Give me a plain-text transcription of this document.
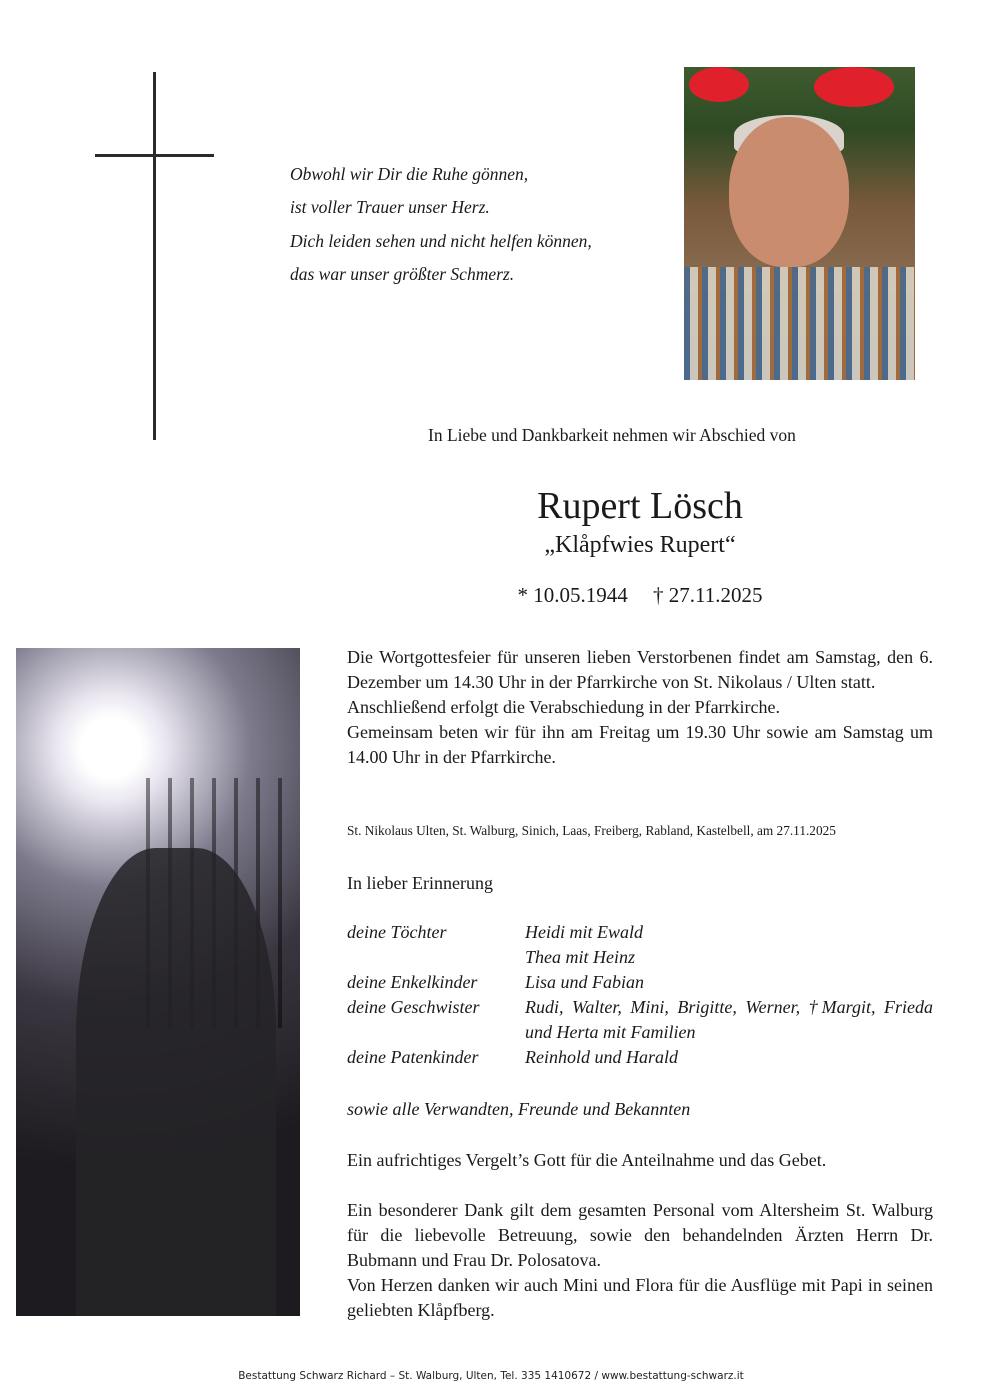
Obwohl wir Dir die Ruhe gönnen,
ist voller Trauer unser Herz.
Dich leiden sehen und nicht helfen können,
das war unser größter Schmerz.
In Liebe und Dankbarkeit nehmen wir Abschied von
Rupert Lösch
„Klåpfwies Rupert“
* 10.05.1944 † 27.11.2025
Die Wortgottesfeier für unseren lieben Verstorbenen findet am Samstag, den 6. Dezember um 14.30 Uhr in der Pfarrkirche von St. Nikolaus / Ulten statt.
Anschließend erfolgt die Verabschiedung in der Pfarrkirche.
Gemeinsam beten wir für ihn am Freitag um 19.30 Uhr sowie am Samstag um 14.00 Uhr in der Pfarrkirche.
St. Nikolaus Ulten, St. Walburg, Sinich, Laas, Freiberg, Rabland, Kastelbell, am 27.11.2025
In lieber Erinnerung
deine Töchter	Heidi mit Ewald
Thea mit Heinz
deine Enkelkinder	Lisa und Fabian
deine Geschwister	Rudi, Walter, Mini, Brigitte, Werner, †Margit, Frieda und Herta mit Familien
deine Patenkinder	Reinhold und Harald
sowie alle Verwandten, Freunde und Bekannten
Ein aufrichtiges Vergelt’s Gott für die Anteilnahme und das Gebet.
Ein besonderer Dank gilt dem gesamten Personal vom Altersheim St. Walburg für die liebevolle Betreuung, sowie den behandelnden Ärzten Herrn Dr. Bubmann und Frau Dr. Polosatova.
Von Herzen danken wir auch Mini und Flora für die Ausflüge mit Papi in seinen geliebten Klåpfberg.
Bestattung Schwarz Richard – St. Walburg, Ulten, Tel. 335 1410672 / www.bestattung-schwarz.it
